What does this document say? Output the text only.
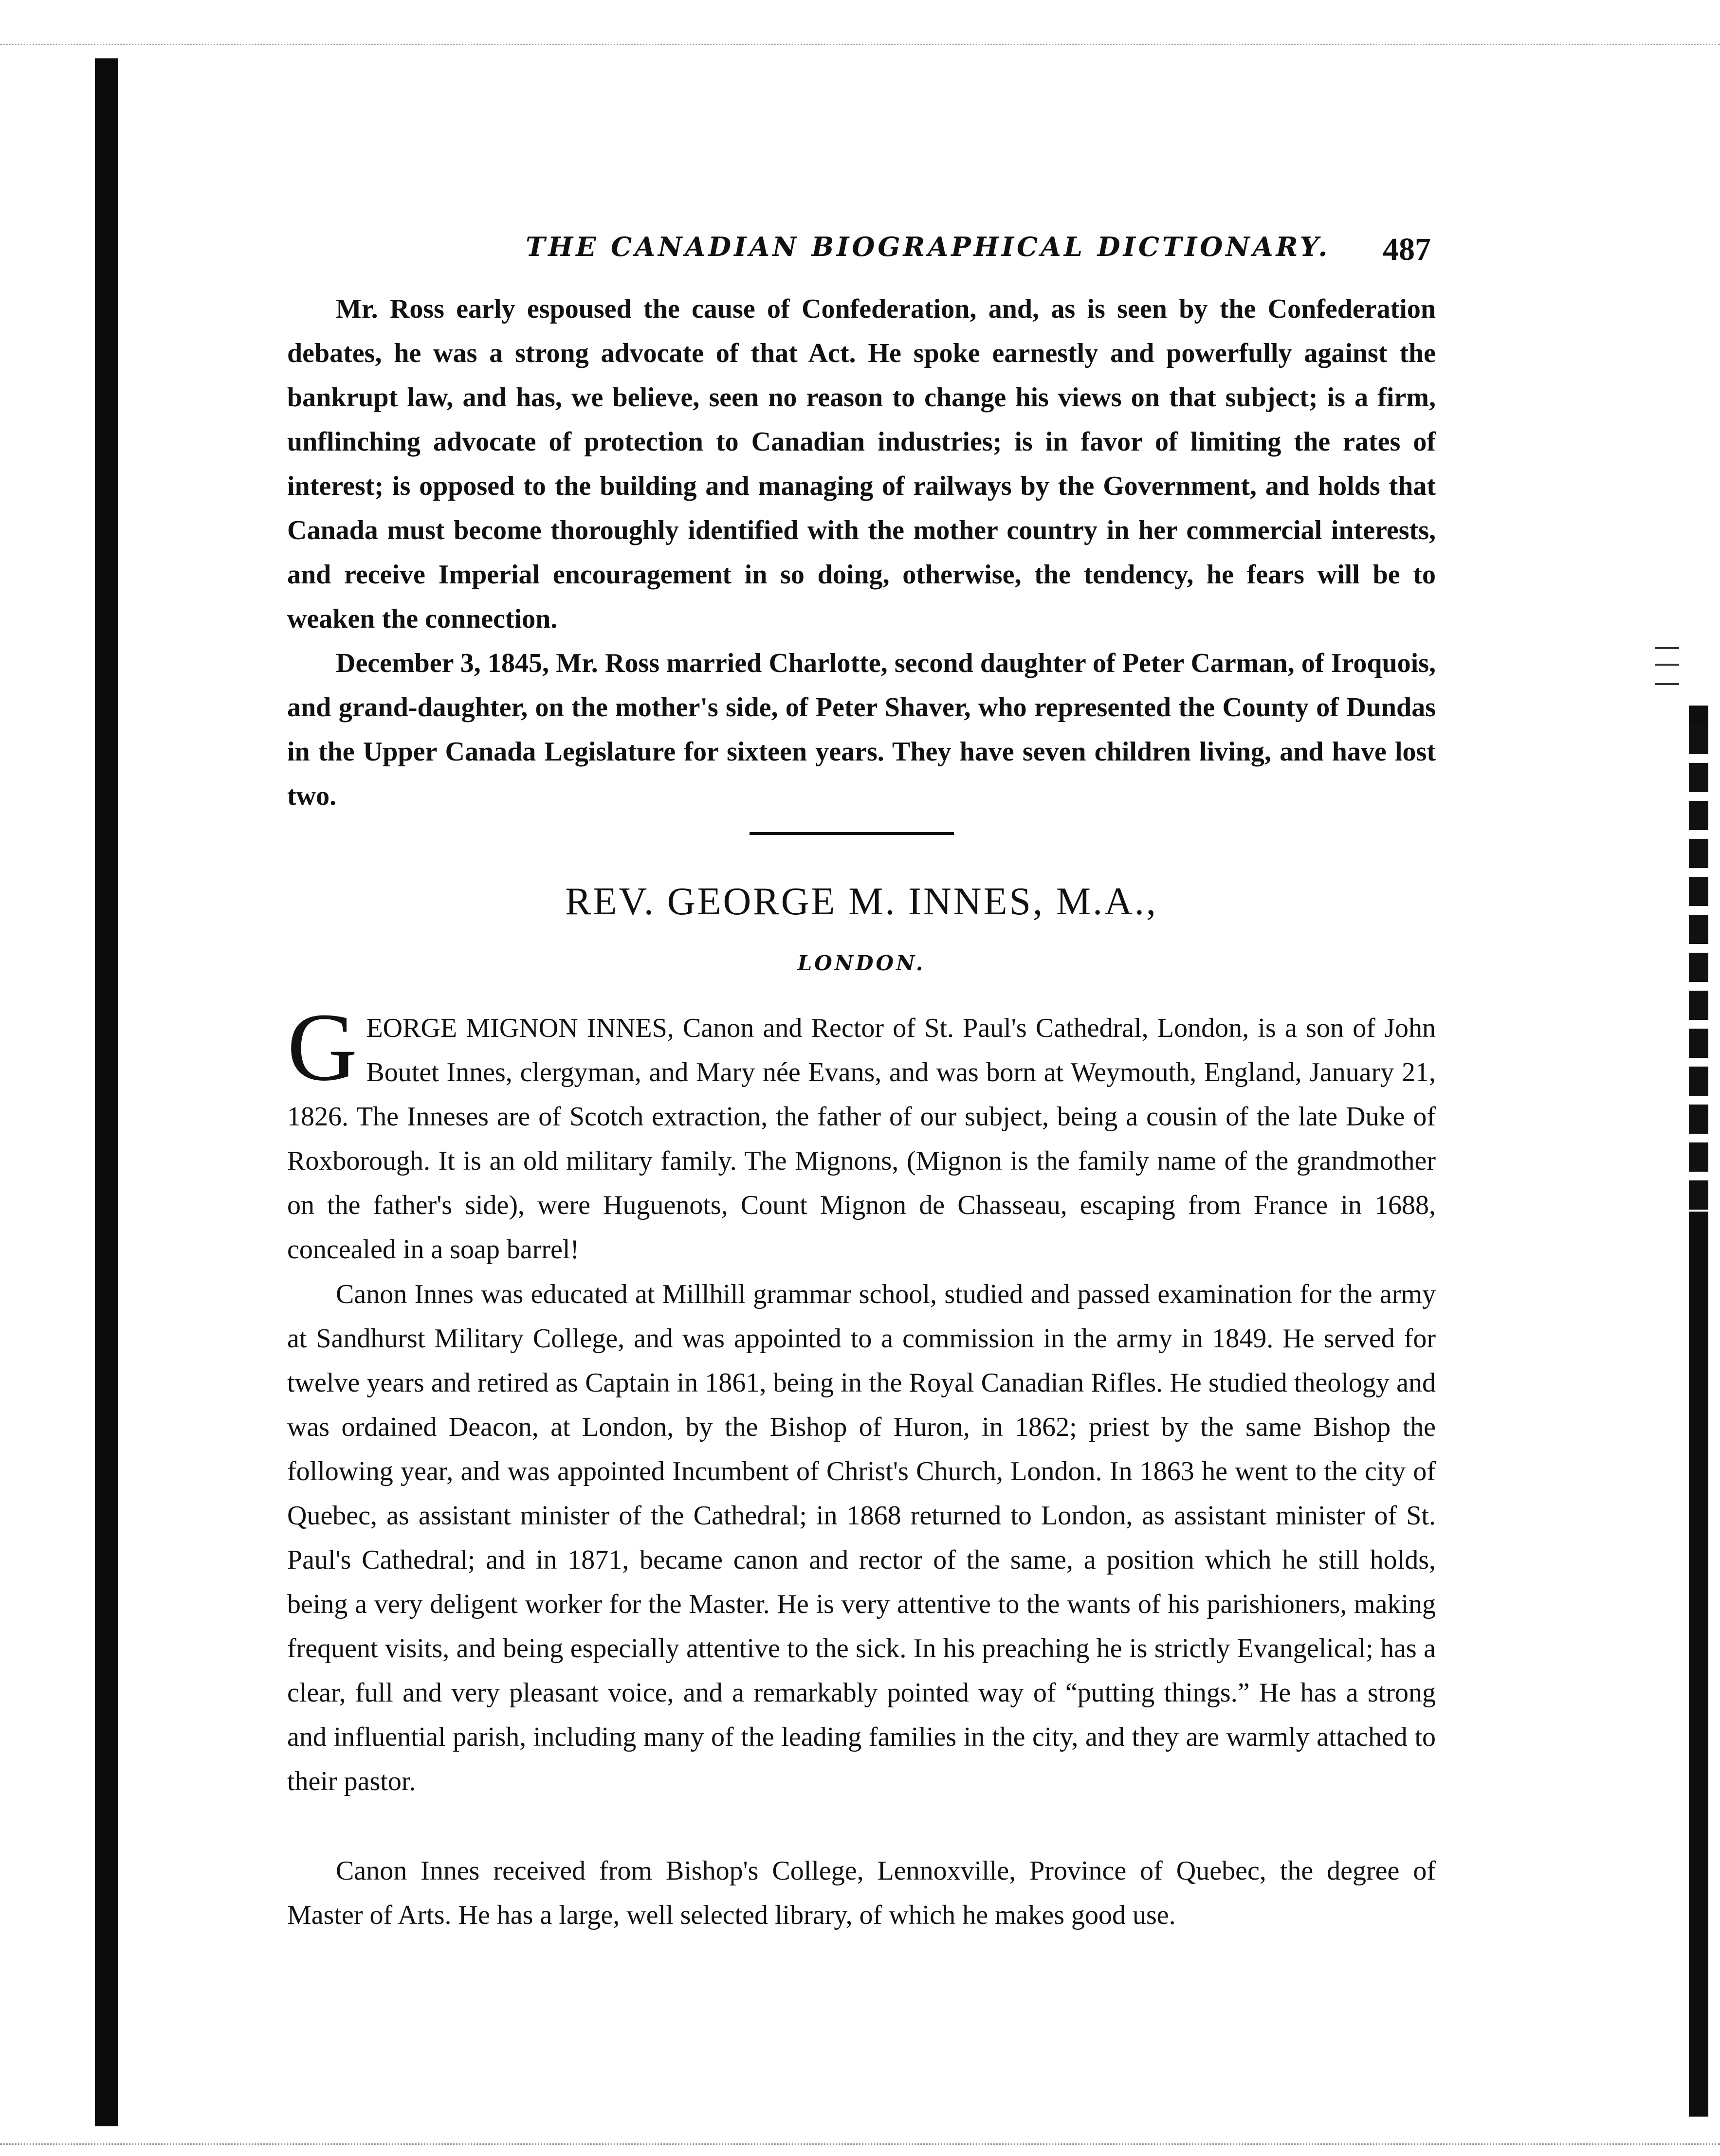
THE CANADIAN BIOGRAPHICAL DICTIONARY. 487

Mr. Ross early espoused the cause of Confederation, and, as is seen by the Confederation debates, he was a strong advocate of that Act. He spoke earnestly and powerfully against the bankrupt law, and has, we believe, seen no reason to change his views on that subject; is a firm, unflinching advocate of protection to Canadian industries; is in favor of limiting the rates of interest; is opposed to the building and managing of railways by the Government, and holds that Canada must become thoroughly identified with the mother country in her commercial interests, and receive Imperial encouragement in so doing, otherwise, the tendency, he fears will be to weaken the connection.

December 3, 1845, Mr. Ross married Charlotte, second daughter of Peter Carman, of Iroquois, and grand-daughter, on the mother's side, of Peter Shaver, who represented the County of Dundas in the Upper Canada Legislature for sixteen years. They have seven children living, and have lost two.

REV. GEORGE M. INNES, M.A.,
LONDON.

GEORGE MIGNON INNES, Canon and Rector of St. Paul's Cathedral, London, is a son of John Boutet Innes, clergyman, and Mary née Evans, and was born at Weymouth, England, January 21, 1826. The Inneses are of Scotch extraction, the father of our subject, being a cousin of the late Duke of Roxborough. It is an old military family. The Mignons, (Mignon is the family name of the grandmother on the father's side), were Huguenots, Count Mignon de Chasseau, escaping from France in 1688, concealed in a soap barrel!

Canon Innes was educated at Millhill grammar school, studied and passed examination for the army at Sandhurst Military College, and was appointed to a commission in the army in 1849. He served for twelve years and retired as Captain in 1861, being in the Royal Canadian Rifles. He studied theology and was ordained Deacon, at London, by the Bishop of Huron, in 1862; priest by the same Bishop the following year, and was appointed Incumbent of Christ's Church, London. In 1863 he went to the city of Quebec, as assistant minister of the Cathedral; in 1868 returned to London, as assistant minister of St. Paul's Cathedral; and in 1871, became canon and rector of the same, a position which he still holds, being a very deligent worker for the Master. He is very attentive to the wants of his parishioners, making frequent visits, and being especially attentive to the sick. In his preaching he is strictly Evangelical; has a clear, full and very pleasant voice, and a remarkably pointed way of “putting things.” He has a strong and influential parish, including many of the leading families in the city, and they are warmly attached to their pastor.

Canon Innes received from Bishop's College, Lennoxville, Province of Quebec, the degree of Master of Arts. He has a large, well selected library, of which he makes good use.
